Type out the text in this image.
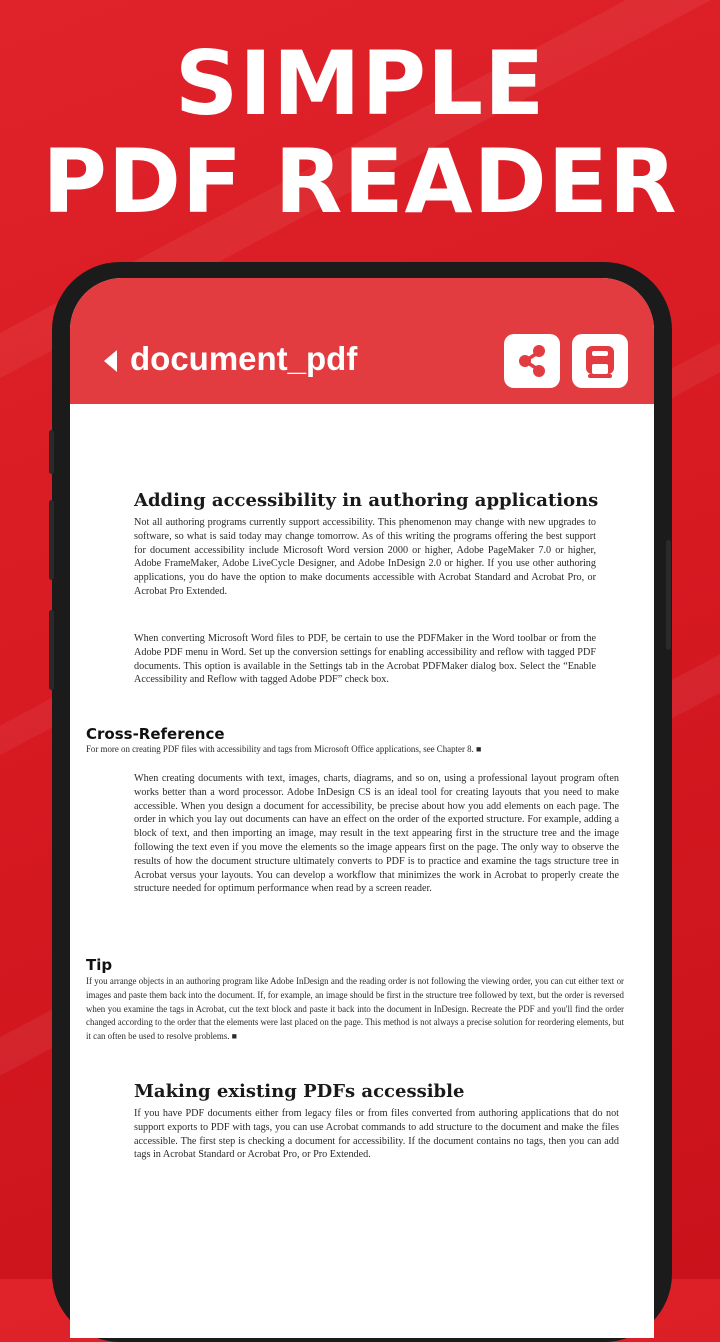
SIMPLE
PDF READER
document_pdf
Adding accessibility in authoring applications

Not all authoring programs currently support accessibility. This phenomenon may change with new upgrades to software, so what is said today may change tomorrow. As of this writing the programs offering the best support for document accessibility include Microsoft Word version 2000 or higher, Adobe PageMaker 7.0 or higher, Adobe FrameMaker, Adobe LiveCycle Designer, and Adobe InDesign 2.0 or higher. If you use other authoring applications, you do have the option to make documents accessible with Acrobat Standard and Acrobat Pro, or Acrobat Pro Extended.

When converting Microsoft Word files to PDF, be certain to use the PDFMaker in the Word toolbar or from the Adobe PDF menu in Word. Set up the conversion settings for enabling accessibility and reflow with tagged PDF documents. This option is available in the Settings tab in the Acrobat PDFMaker dialog box. Select the “Enable Accessibility and Reflow with tagged Adobe PDF” check box.

Cross-Reference

For more on creating PDF files with accessibility and tags from Microsoft Office applications, see Chapter 8. ■

When creating documents with text, images, charts, diagrams, and so on, using a professional layout program often works better than a word processor. Adobe InDesign CS is an ideal tool for creating layouts that you need to make accessible. When you design a document for accessibility, be precise about how you add elements on each page. The order in which you lay out documents can have an effect on the order of the exported structure. For example, adding a block of text, and then importing an image, may result in the text appearing first in the structure tree and the image following the text even if you move the elements so the image appears first on the page. The only way to observe the results of how the document structure ultimately converts to PDF is to practice and examine the tags structure tree in Acrobat versus your layouts. You can develop a workflow that minimizes the work in Acrobat to properly create the structure needed for optimum performance when read by a screen reader.

Tip

If you arrange objects in an authoring program like Adobe InDesign and the reading order is not following the viewing order, you can cut either text or images and paste them back into the document. If, for example, an image should be first in the structure tree followed by text, but the order is reversed when you examine the tags in Acrobat, cut the text block and paste it back into the document in InDesign. Recreate the PDF and you'll find the order changed according to the order that the elements were last placed on the page. This method is not always a precise solution for reordering elements, but it can often be used to resolve problems. ■

Making existing PDFs accessible

If you have PDF documents either from legacy files or from files converted from authoring applications that do not support exports to PDF with tags, you can use Acrobat commands to add structure to the document and make the files accessible. The first step is checking a document for accessibility. If the document contains no tags, then you can add tags in Acrobat Standard or Acrobat Pro, or Pro Extended.
